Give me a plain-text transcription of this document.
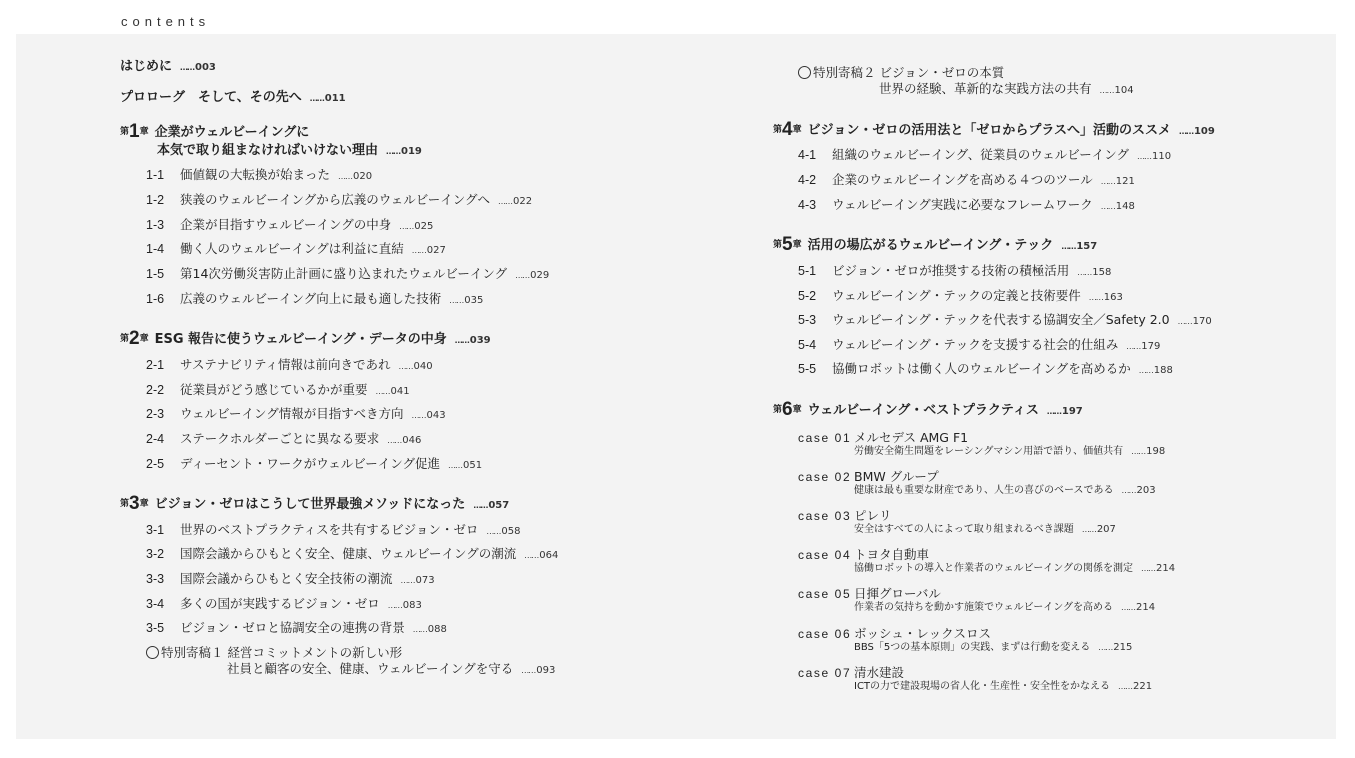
contents
はじめに …… 003
プロローグ　そして、その先へ …… 011
第1章 企業がウェルビーイングに
本気で取り組まなければいけない理由 …… 019
1-1 価値観の大転換が始まった …… 020
1-2 狭義のウェルビーイングから広義のウェルビーイングへ …… 022
1-3 企業が目指すウェルビーイングの中身 …… 025
1-4 働く人のウェルビーイングは利益に直結 …… 027
1-5 第14次労働災害防止計画に盛り込まれたウェルビーイング …… 029
1-6 広義のウェルビーイング向上に最も適した技術 …… 035
第2章 ESG 報告に使うウェルビーイング・データの中身 …… 039
2-1 サステナビリティ情報は前向きであれ …… 040
2-2 従業員がどう感じているかが重要 …… 041
2-3 ウェルビーイング情報が目指すべき方向 …… 043
2-4 ステークホルダーごとに異なる要求 …… 046
2-5 ディーセント・ワークがウェルビーイング促進 …… 051
第3章 ビジョン・ゼロはこうして世界最強メソッドになった …… 057
3-1 世界のベストプラクティスを共有するビジョン・ゼロ …… 058
3-2 国際会議からひもとく安全、健康、ウェルビーイングの潮流 …… 064
3-3 国際会議からひもとく安全技術の潮流 …… 073
3-4 多くの国が実践するビジョン・ゼロ …… 083
3-5 ビジョン・ゼロと協調安全の連携の背景 …… 088
特別寄稿１ 経営コミットメントの新しい形
社員と顧客の安全、健康、ウェルビーイングを守る …… 093
特別寄稿２ ビジョン・ゼロの本質
世界の経験、革新的な実践方法の共有 …… 104
第4章 ビジョン・ゼロの活用法と「ゼロからプラスへ」活動のススメ …… 109
4-1 組織のウェルビーイング、従業員のウェルビーイング …… 110
4-2 企業のウェルビーイングを高める４つのツール …… 121
4-3 ウェルビーイング実践に必要なフレームワーク …… 148
第5章 活用の場広がるウェルビーイング・テック …… 157
5-1 ビジョン・ゼロが推奨する技術の積極活用 …… 158
5-2 ウェルビーイング・テックの定義と技術要件 …… 163
5-3 ウェルビーイング・テックを代表する協調安全／Safety 2.0 …… 170
5-4 ウェルビーイング・テックを支援する社会的仕組み …… 179
5-5 協働ロボットは働く人のウェルビーイングを高めるか …… 188
第6章 ウェルビーイング・ベストプラクティス …… 197
case 01 メルセデス AMG F1
労働安全衛生問題をレーシングマシン用語で語り、価値共有 …… 198
case 02 BMW グループ
健康は最も重要な財産であり、人生の喜びのベースである …… 203
case 03 ピレリ
安全はすべての人によって取り組まれるべき課題 …… 207
case 04 トヨタ自動車
協働ロボットの導入と作業者のウェルビーイングの関係を測定 …… 214
case 05 日揮グローバル
作業者の気持ちを動かす施策でウェルビーイングを高める …… 214
case 06 ボッシュ・レックスロス
BBS「5つの基本原則」の実践、まずは行動を変える …… 215
case 07 清水建設
ICTの力で建設現場の省人化・生産性・安全性をかなえる …… 221
